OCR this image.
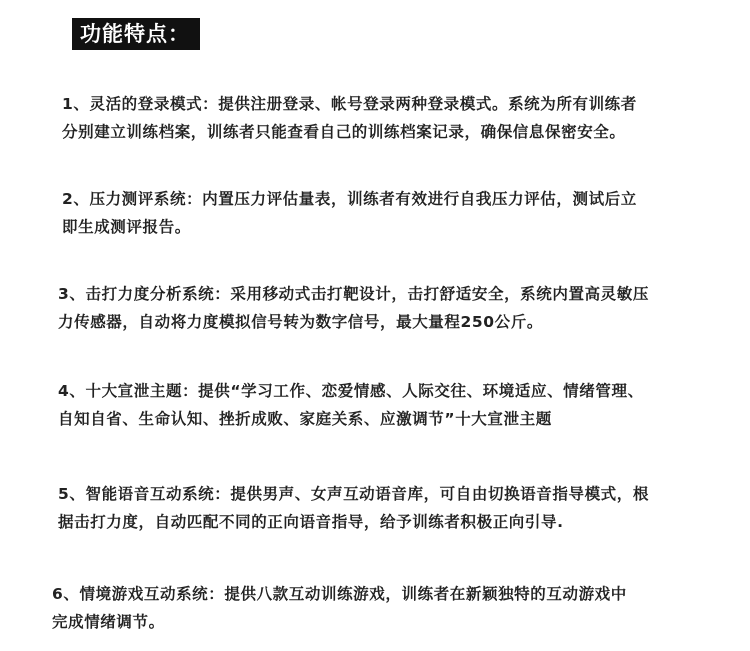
功能特点：

1、灵活的登录模式：提供注册登录、帐号登录两种登录模式。系统为所有训练者
分别建立训练档案，训练者只能查看自己的训练档案记录，确保信息保密安全。

2、压力测评系统：内置压力评估量表，训练者有效进行自我压力评估，测试后立
即生成测评报告。

3、击打力度分析系统：采用移动式击打靶设计，击打舒适安全，系统内置高灵敏压
力传感器，自动将力度模拟信号转为数字信号，最大量程250公斤。

4、十大宣泄主题：提供“学习工作、恋爱情感、人际交往、环境适应、情绪管理、
自知自省、生命认知、挫折成败、家庭关系、应激调节”十大宣泄主题

5、智能语音互动系统：提供男声、女声互动语音库，可自由切换语音指导模式，根
据击打力度，自动匹配不同的正向语音指导，给予训练者积极正向引导.

6、情境游戏互动系统：提供八款互动训练游戏，训练者在新颖独特的互动游戏中
完成情绪调节。
